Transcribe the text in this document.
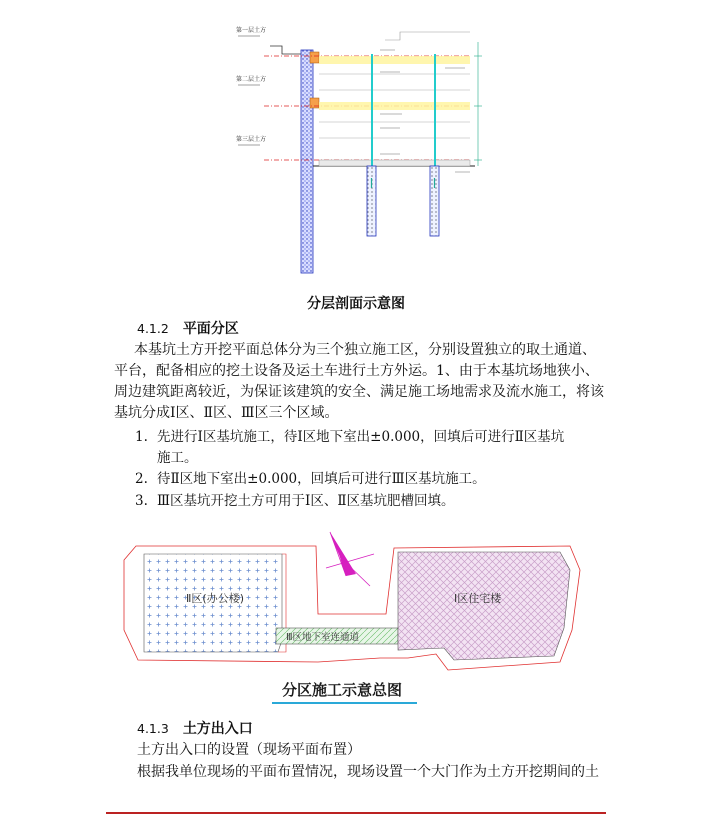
第一层土方
第二层土方
第三层土方
分层剖面示意图
4.1.2 平面分区
本基坑土方开挖平面总体分为三个独立施工区，分别设置独立的取土通道、
平台，配备相应的挖土设备及运土车进行土方外运。1、由于本基坑场地狭小、
周边建筑距离较近，为保证该建筑的安全、满足施工场地需求及流水施工，将该
基坑分成Ⅰ区、Ⅱ区、Ⅲ区三个区域。
1. 先进行Ⅰ区基坑施工，待Ⅰ区地下室出±0.000，回填后可进行Ⅱ区基坑
施工。
2. 待Ⅱ区地下室出±0.000，回填后可进行Ⅲ区基坑施工。
3. Ⅲ区基坑开挖土方可用于Ⅰ区、Ⅱ区基坑肥槽回填。
Ⅱ区(办公楼)
Ⅲ区地下室连通道
Ⅰ区住宅楼
分区施工示意总图
4.1.3 土方出入口
土方出入口的设置（现场平面布置）
根据我单位现场的平面布置情况，现场设置一个大门作为土方开挖期间的土
